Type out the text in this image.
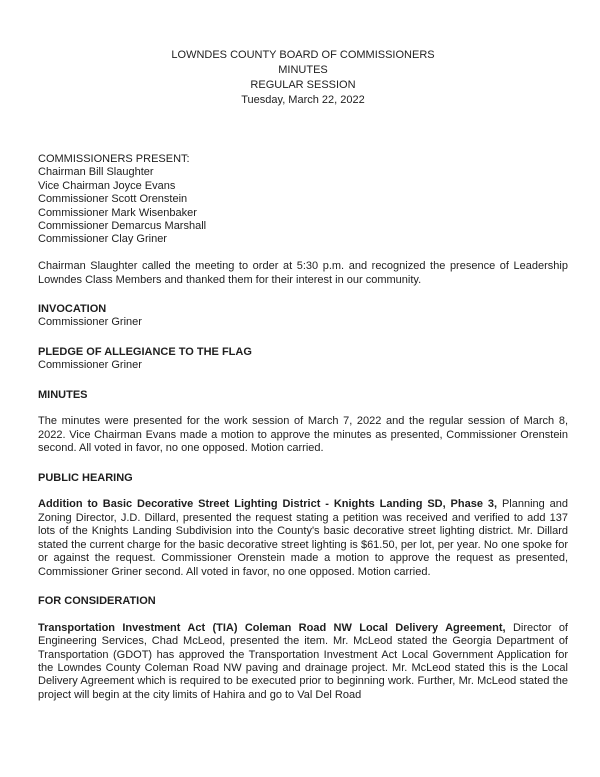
LOWNDES COUNTY BOARD OF COMMISSIONERS
MINUTES
REGULAR SESSION
Tuesday, March 22, 2022
COMMISSIONERS PRESENT:
Chairman Bill Slaughter
Vice Chairman Joyce Evans
Commissioner Scott Orenstein
Commissioner Mark Wisenbaker
Commissioner Demarcus Marshall
Commissioner Clay Griner

Chairman Slaughter called the meeting to order at 5:30 p.m. and recognized the presence of Leadership Lowndes Class Members and thanked them for their interest in our community.

INVOCATION
Commissioner Griner
PLEDGE OF ALLEGIANCE TO THE FLAG
Commissioner Griner
MINUTES

The minutes were presented for the work session of March 7, 2022 and the regular session of March 8, 2022. Vice Chairman Evans made a motion to approve the minutes as presented, Commissioner Orenstein second. All voted in favor, no one opposed. Motion carried.

PUBLIC HEARING

Addition to Basic Decorative Street Lighting District - Knights Landing SD, Phase 3, Planning and Zoning Director, J.D. Dillard, presented the request stating a petition was received and verified to add 137 lots of the Knights Landing Subdivision into the County's basic decorative street lighting district. Mr. Dillard stated the current charge for the basic decorative street lighting is $61.50, per lot, per year. No one spoke for or against the request. Commissioner Orenstein made a motion to approve the request as presented, Commissioner Griner second. All voted in favor, no one opposed. Motion carried.

FOR CONSIDERATION

Transportation Investment Act (TIA) Coleman Road NW Local Delivery Agreement, Director of Engineering Services, Chad McLeod, presented the item. Mr. McLeod stated the Georgia Department of Transportation (GDOT) has approved the Transportation Investment Act Local Government Application for the Lowndes County Coleman Road NW paving and drainage project. Mr. McLeod stated this is the Local Delivery Agreement which is required to be executed prior to beginning work. Further, Mr. McLeod stated the project will begin at the city limits of Hahira and go to Val Del Road
